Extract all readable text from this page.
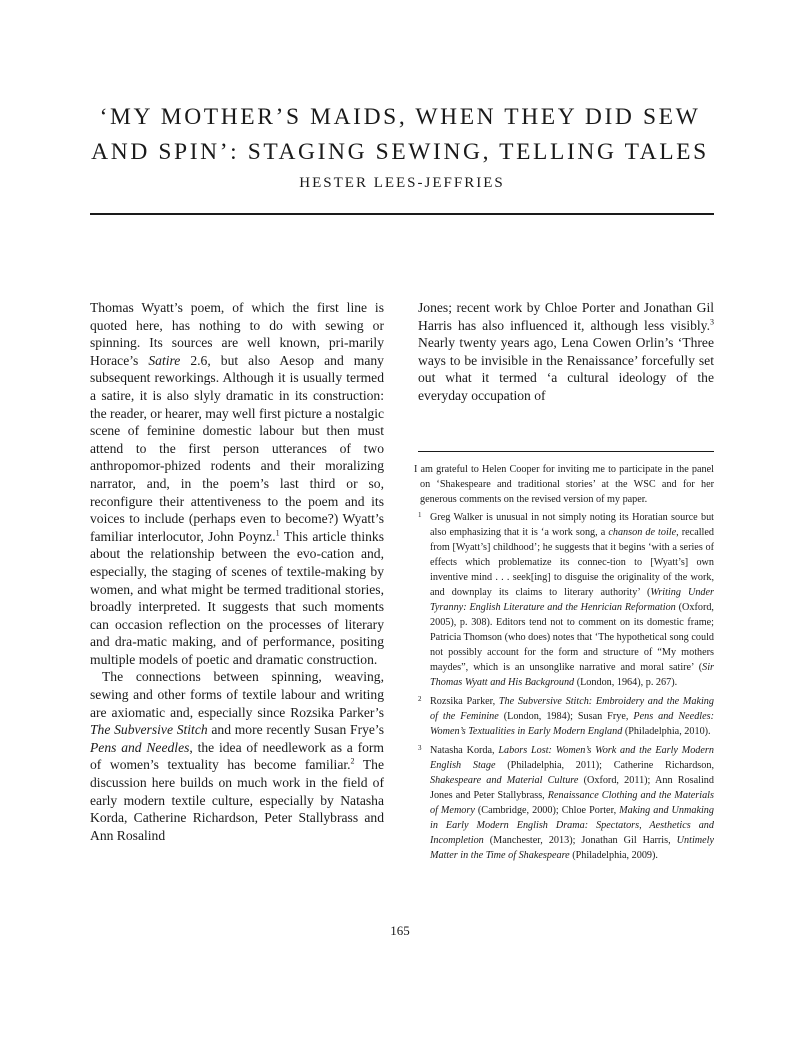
‘MY MOTHER’S MAIDS, WHEN THEY DID SEW
AND SPIN’: STAGING SEWING, TELLING TALES
HESTER LEES-JEFFRIES

Thomas Wyatt’s poem, of which the first line is quoted here, has nothing to do with sewing or spinning. Its sources are well known, pri-marily Horace’s Satire 2.6, but also Aesop and many subsequent reworkings. Although it is usually termed a satire, it is also slyly dramatic in its construction: the reader, or hearer, may well first picture a nostalgic scene of feminine domestic labour but then must attend to the first person utterances of two anthropomor-phized rodents and their moralizing narrator, and, in the poem’s last third or so, reconfigure their attentiveness to the poem and its voices to include (perhaps even to become?) Wyatt’s familiar interlocutor, John Poynz.$^1$ This article thinks about the relationship between the evo-cation and, especially, the staging of scenes of textile-making by women, and what might be termed traditional stories, broadly interpreted. It suggests that such moments can occasion reflection on the processes of literary and dra-matic making, and of performance, positing multiple models of poetic and dramatic construction.

The connections between spinning, weaving, sewing and other forms of textile labour and writing are axiomatic and, especially since Rozsika Parker’s The Subversive Stitch and more recently Susan Frye’s Pens and Needles, the idea of needlework as a form of women’s textuality has become familiar.$^2$ The discussion here builds on much work in the field of early modern textile culture, especially by Natasha Korda, Catherine Richardson, Peter Stallybrass and Ann Rosalind

Jones; recent work by Chloe Porter and Jonathan Gil Harris has also influenced it, although less visibly.$^3$ Nearly twenty years ago, Lena Cowen Orlin’s ‘Three ways to be invisible in the Renaissance’ forcefully set out what it termed ‘a cultural ideology of the everyday occupation of

I am grateful to Helen Cooper for inviting me to participate in the panel on ‘Shakespeare and traditional stories’ at the WSC and for her generous comments on the revised version of my paper.

1 Greg Walker is unusual in not simply noting its Horatian source but also emphasizing that it is ‘a work song, a chanson de toile, recalled from [Wyatt’s] childhood’; he suggests that it begins ‘with a series of effects which problematize its connec-tion to [Wyatt’s] own inventive mind . . . seek[ing] to disguise the originality of the work, and downplay its claims to literary authority’ (Writing Under Tyranny: English Literature and the Henrician Reformation (Oxford, 2005), p. 308). Editors tend not to comment on its domestic frame; Patricia Thomson (who does) notes that ‘The hypothetical song could not possibly account for the form and structure of “My mothers maydes”, which is an unsonglike narrative and moral satire’ (Sir Thomas Wyatt and His Background (London, 1964), p. 267).
2 Rozsika Parker, The Subversive Stitch: Embroidery and the Making of the Feminine (London, 1984); Susan Frye, Pens and Needles: Women’s Textualities in Early Modern England (Philadelphia, 2010).
3 Natasha Korda, Labors Lost: Women’s Work and the Early Modern English Stage (Philadelphia, 2011); Catherine Richardson, Shakespeare and Material Culture (Oxford, 2011); Ann Rosalind Jones and Peter Stallybrass, Renaissance Clothing and the Materials of Memory (Cambridge, 2000); Chloe Porter, Making and Unmaking in Early Modern English Drama: Spectators, Aesthetics and Incompletion (Manchester, 2013); Jonathan Gil Harris, Untimely Matter in the Time of Shakespeare (Philadelphia, 2009).
165
